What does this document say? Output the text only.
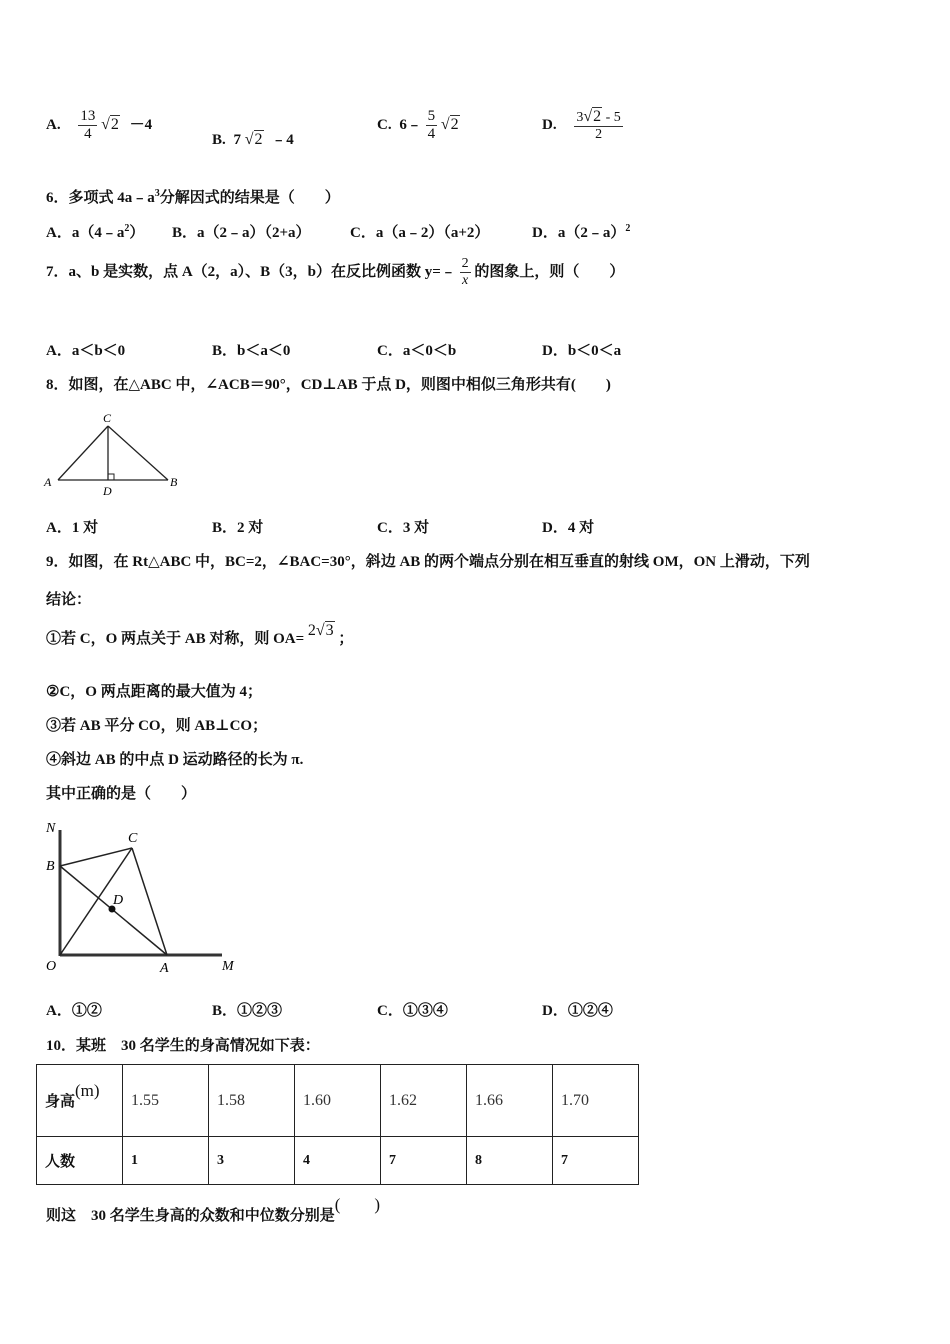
A. $\frac{13}{4} √2 -4$
B. 7 √2 ﹣4
C. 6﹣ $\frac{5}{4} √2$	D. $\frac{3√2 - 5}{2}$
6．多项式 $4a﹣a^3$分解因式的结果是（　　）
A．$a(4﹣a^2)$ B．a（2﹣a）（2+a）	C．a（a﹣2）（a+2）	D．a（2﹣a）$^2$
7．a、b 是实数，点 A（2，a）、B（3，b）在反比例函数 y=﹣ $\frac{2}{x}$ 的图象上，则（　　）
A．a＜b＜0	B．b＜a＜0	C．a＜0＜b	D．b＜0＜a
8．如图，在△ABC 中，∠ACB＝90°，CD⊥AB 于点 D，则图中相似三角形共有(　　)
C
A
D
B
A．1 对	B．2 对	C．3 对	D．4 对
9．如图，在 Rt△ABC 中，BC=2，∠BAC=30°，斜边 AB 的两个端点分别在相互垂直的射线 OM，ON 上滑动，下列
结论：
①若 C，O 两点关于 AB 对称，则 OA= 2√3 ；
②C，O 两点距离的最大值为 4；
③若 AB 平分 CO，则 AB⊥CO；
④斜边 AB 的中点 D 运动路径的长为 π.
其中正确的是（　　）
N
C
B
D
O	A	M
A．①②	B．①②③	C．①③④	D．①②④
10．某班　30 名学生的身高情况如下表：
身高(m)	1.55	1.58	1.60	1.62	1.66	1.70
人数	1	3	4	7	8	7
则这　30 名学生身高的众数和中位数分别是(　　)
